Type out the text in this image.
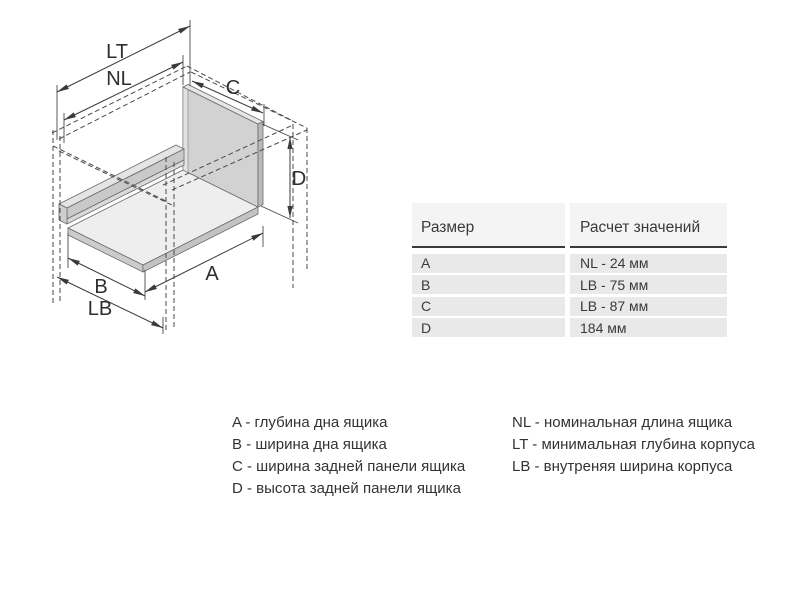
LT
NL	C
D
A
B
LB
Размер	Расчет значений
A	NL - 24 мм
B	LB - 75 мм
C	LB - 87 мм
D	184 мм
A - глубина дна ящика
B - ширина дна ящика
C - ширина задней панели ящика
D - высота задней панели ящика
NL - номинальная длина ящика
LT - минимальная глубина корпуса
LB - внутреняя ширина корпуса
